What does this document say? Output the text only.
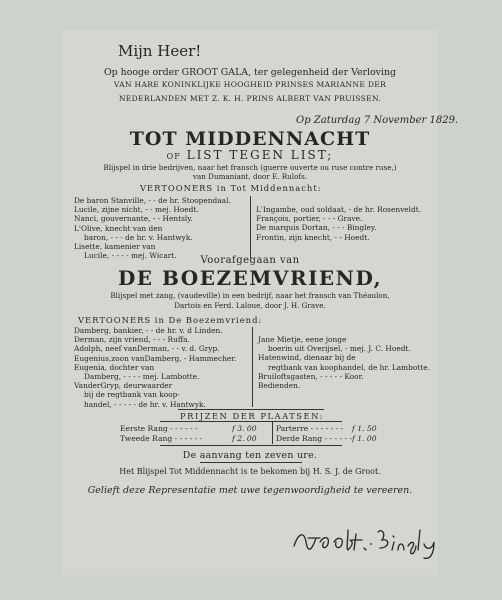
Mijn Heer!
Op hooge order GROOT GALA, ter gelegenheid der Verloving
VAN HARE KONINKLIJKE HOOGHEID PRINSES MARIANNE DER
NEDERLANDEN MET Z. K. H. PRINS ALBERT VAN PRUISSEN.
Op Zaturdag 7 November 1829.
TOT MIDDENNACHT
OF LIST TEGEN LIST;
Blijspel in drie bedrijven, naar het fransch (guerre ouverte ou ruse contre ruse,)
van Dumaniant, door E. Rulofs.
VERTOONERS in Tot Middennacht:
De baron Stanville, - - de hr. Stoopendaal.
Lucile, zijne nicht, - - mej. Hoedt.
Nanci, gouvernante, - - Hentsly.
L'Olive, knecht van den
baron, - - - de hr. v. Hantwyk.
Lisette, kamenier van
Lucile, - - - - mej. Wicart.
L'Ingambe, oud soldaat, - de hr. Rosenveldt.
François, portier, - - - Grave.
De marquis Dortan, - - - Bingley.
Frontin, zijn knecht, - - Hoedt.
Voorafgegaan van
DE BOEZEMVRIEND,
Blijspel met zang, (vaudeville) in een bedrijf, naar het fransch van Théaulon,
Dartois en Ferd. Laloue, door J. H. Grave.
VERTOONERS in De Boezemvriend:
Damberg, bankier, - - de hr. v. d Linden.
Derman, zijn vriend, - - - Ruffa.
Adolph, neef vanDerman, - - v. d. Gryp.
Eugenius,zoon vanDamberg, - Hammecher.
Eugenia, dochter van
Damberg, - - - - mej. Lambotte.
VanderGryp, deurwaarder
bij de regtbank van koop-
handel, - - - - - de hr. v. Hantwyk.
Jane Mietje, eene jonge
boerin uit Overijsel, - mej. J. C. Hoedt.
Hatenwind, dienaar bij de
regtbank van koophandel, de hr. Lambotte.
Bruiloftsgasten, - - - - - Koor.
Bedienden.
PRIJZEN DER PLAATSEN:
Eerste Rang - - - - - -	f 3. 00	Parterre - - - - - - - f 1. 50
Tweede Rang - - - - - -	f 2. 00	Derde Rang - - - - - - f 1. 00
De aanvang ten zeven ure.
Het Blijspel Tot Middennacht is te bekomen bij H. S. J. de Groot.
Gelieft deze Representatie met uwe tegenwoordigheid te vereeren.
